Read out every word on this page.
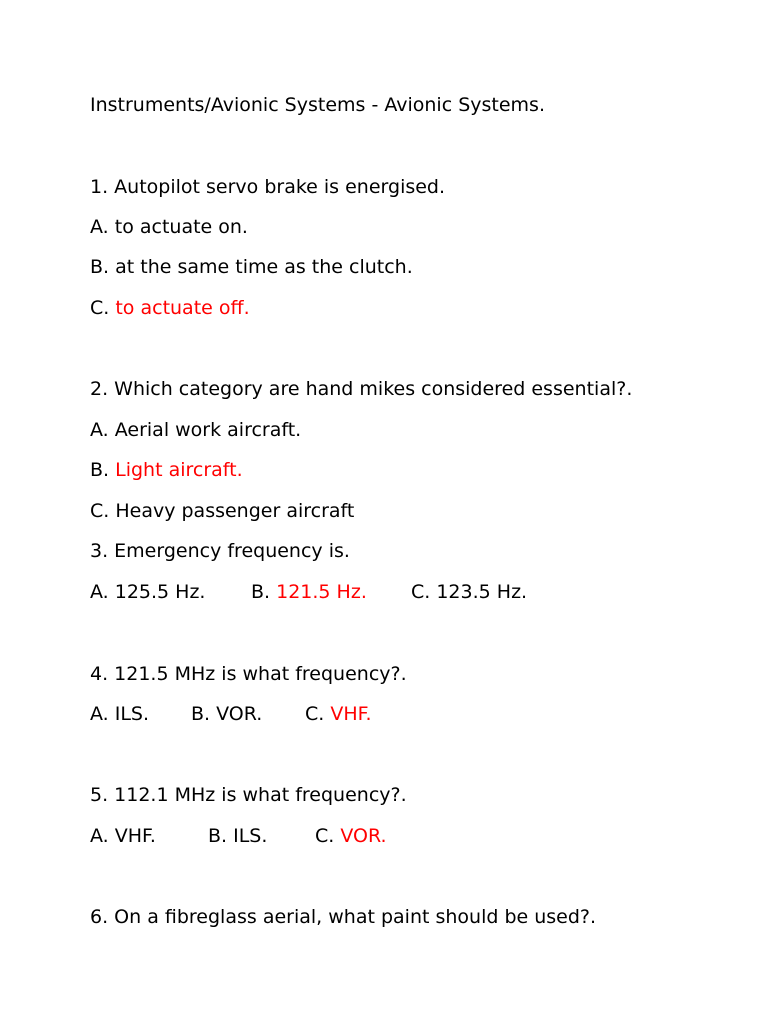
Instruments/Avionic Systems - Avionic Systems.
1. Autopilot servo brake is energised.
A. to actuate on.
B. at the same time as the clutch.
C. to actuate off.
2. Which category are hand mikes considered essential?.
A. Aerial work aircraft.
B. Light aircraft.
C. Heavy passenger aircraft
3. Emergency frequency is.
A. 125.5 Hz. B. 121.5 Hz. C. 123.5 Hz.
4. 121.5 MHz is what frequency?.
A. ILS. B. VOR. C. VHF.
5. 112.1 MHz is what frequency?.
A. VHF.	B. ILS.	C. VOR.
6. On a fibreglass aerial, what paint should be used?.
